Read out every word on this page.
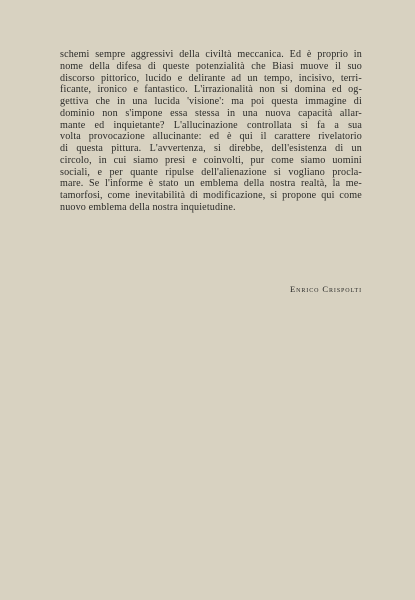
schemi sempre aggressivi della civiltà meccanica. Ed è proprio in
nome della difesa di queste potenzialità che Biasi muove il suo
discorso pittorico, lucido e delirante ad un tempo, incisivo, terri-
ficante, ironico e fantastico. L'irrazionalità non si domina ed og-
gettiva che in una lucida 'visione': ma poi questa immagine di
dominio non s'impone essa stessa in una nuova capacità allar-
mante ed inquietante? L'allucinazione controllata si fa a sua
volta provocazione allucinante: ed è qui il carattere rivelatorio
di questa pittura. L'avvertenza, si direbbe, dell'esistenza di un
circolo, in cui siamo presi e coinvolti, pur come siamo uomini
sociali, e per quante ripulse dell'alienazione si vogliano procla-
mare. Se l'informe è stato un emblema della nostra realtà, la me-
tamorfosi, come inevitabilità di modificazione, si propone qui come
nuovo emblema della nostra inquietudine.
Enrico Crispolti
